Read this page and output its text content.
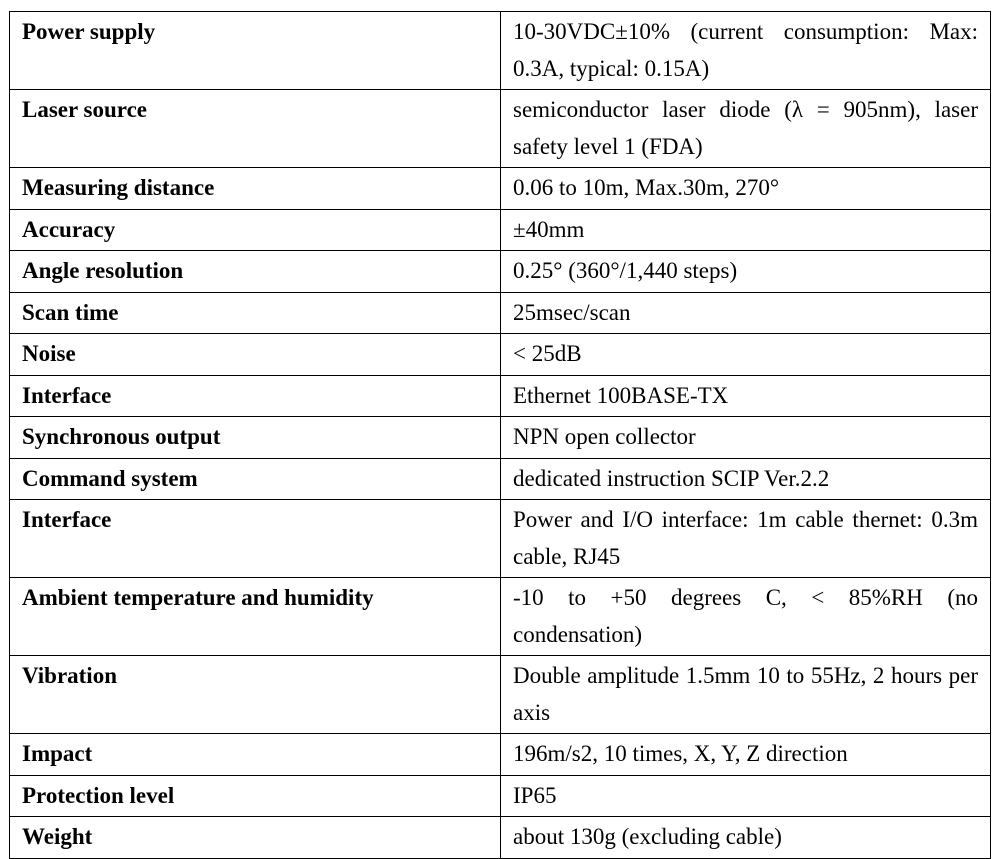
Power supply	10-30VDC±10% (current consumption: Max: 0.3A, typical: 0.15A)
Laser source	semiconductor laser diode (λ = 905nm), laser safety level 1 (FDA)
Measuring distance	0.06 to 10m, Max.30m, 270°
Accuracy	±40mm
Angle resolution	0.25° (360°/1,440 steps)
Scan time	25msec/scan
Noise	< 25dB
Interface	Ethernet 100BASE-TX
Synchronous output	NPN open collector
Command system	dedicated instruction SCIP Ver.2.2
Interface	Power and I/O interface: 1m cable thernet: 0.3m cable, RJ45
Ambient temperature and humidity	-10 to +50 degrees C, < 85%RH (no condensation)
Vibration	Double amplitude 1.5mm 10 to 55Hz, 2 hours per axis
Impact	196m/s2, 10 times, X, Y, Z direction
Protection level	IP65
Weight	about 130g (excluding cable)
